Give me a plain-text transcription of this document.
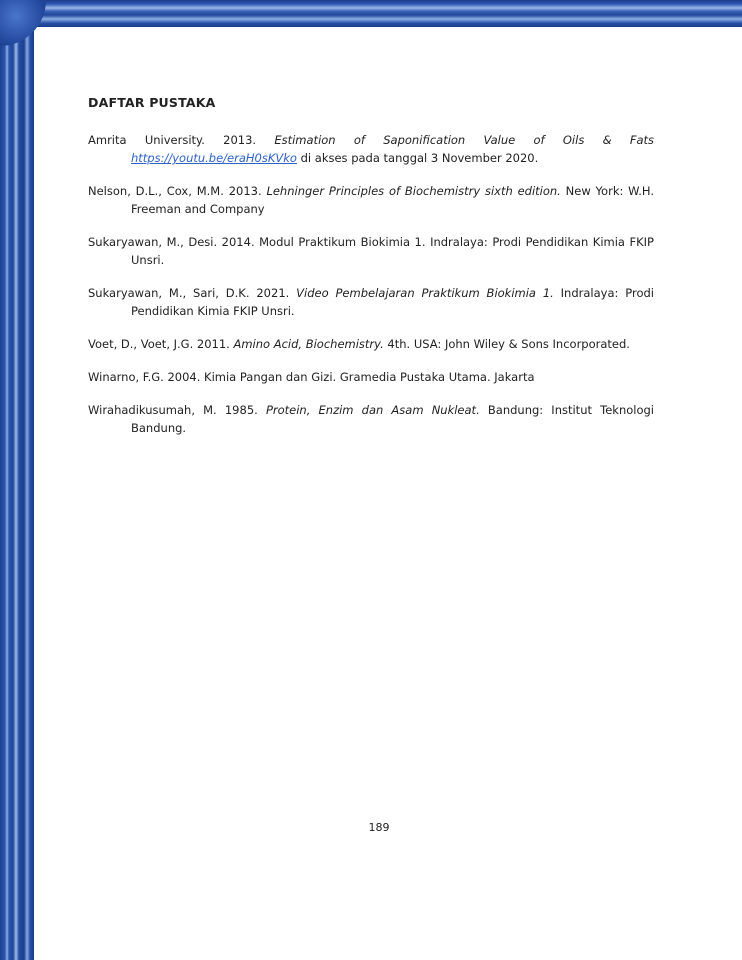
DAFTAR PUSTAKA

Amrita University. 2013. Estimation of Saponification Value of Oils & Fats https://youtu.be/eraH0sKVko di akses pada tanggal 3 November 2020.

Nelson, D.L., Cox, M.M. 2013. Lehninger Principles of Biochemistry sixth edition. New York: W.H. Freeman and Company

Sukaryawan, M., Desi. 2014. Modul Praktikum Biokimia 1. Indralaya: Prodi Pendidikan Kimia FKIP Unsri.

Sukaryawan, M., Sari, D.K. 2021. Video Pembelajaran Praktikum Biokimia 1. Indralaya: Prodi Pendidikan Kimia FKIP Unsri.

Voet, D., Voet, J.G. 2011. Amino Acid, Biochemistry. 4th. USA: John Wiley & Sons Incorporated.

Winarno, F.G. 2004. Kimia Pangan dan Gizi. Gramedia Pustaka Utama. Jakarta

Wirahadikusumah, M. 1985. Protein, Enzim dan Asam Nukleat. Bandung: Institut Teknologi Bandung.

189
